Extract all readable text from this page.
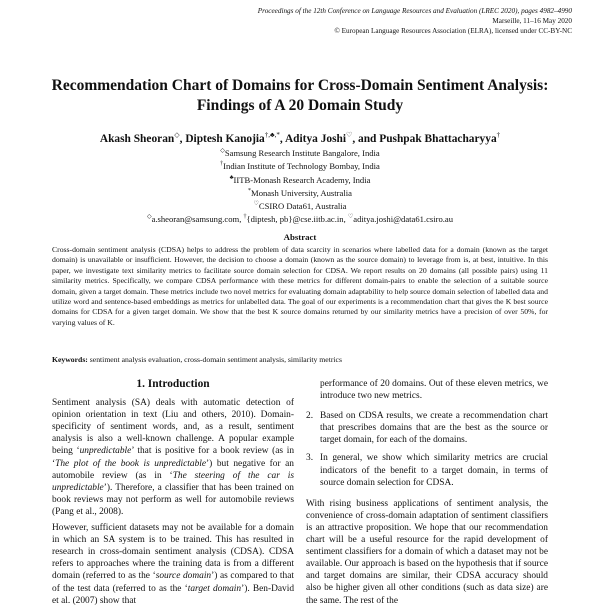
Proceedings of the 12th Conference on Language Resources and Evaluation (LREC 2020), pages 4982–4990
Marseille, 11–16 May 2020
© European Language Resources Association (ELRA), licensed under CC-BY-NC
Recommendation Chart of Domains for Cross-Domain Sentiment Analysis:
Findings of A 20 Domain Study
Akash Sheoran◇, Diptesh Kanojia†,♣,*, Aditya Joshi♡, and Pushpak Bhattacharyya†
◇Samsung Research Institute Bangalore, India
†Indian Institute of Technology Bombay, India
♣IITB-Monash Research Academy, India
*Monash University, Australia
♡CSIRO Data61, Australia
◇a.sheoran@samsung.com, †{diptesh, pb}@cse.iitb.ac.in, ♡aditya.joshi@data61.csiro.au
Abstract

Cross-domain sentiment analysis (CDSA) helps to address the problem of data scarcity in scenarios where labelled data for a domain (known as the target domain) is unavailable or insufficient. However, the decision to choose a domain (known as the source domain) to leverage from is, at best, intuitive. In this paper, we investigate text similarity metrics to facilitate source domain selection for CDSA. We report results on 20 domains (all possible pairs) using 11 similarity metrics. Specifically, we compare CDSA performance with these metrics for different domain-pairs to enable the selection of a suitable source domain, given a target domain. These metrics include two novel metrics for evaluating domain adaptability to help source domain selection of labelled data and utilize word and sentence-based embeddings as metrics for unlabelled data. The goal of our experiments is a recommendation chart that gives the K best source domains for CDSA for a given target domain. We show that the best K source domains returned by our similarity metrics have a precision of over 50%, for varying values of K.

Keywords: sentiment analysis evaluation, cross-domain sentiment analysis, similarity metrics
1. Introduction

Sentiment analysis (SA) deals with automatic detection of opinion orientation in text (Liu and others, 2010). Domain-specificity of sentiment words, and, as a result, sentiment analysis is also a well-known challenge. A popular example being ‘unpredictable’ that is positive for a book review (as in ‘The plot of the book is unpredictable’) but negative for an automobile review (as in ‘The steering of the car is unpredictable’). Therefore, a classifier that has been trained on book reviews may not perform as well for automobile reviews (Pang et al., 2008).

However, sufficient datasets may not be available for a domain in which an SA system is to be trained. This has resulted in research in cross-domain sentiment analysis (CDSA). CDSA refers to approaches where the training data is from a different domain (referred to as the ‘source domain’) as compared to that of the test data (referred to as the ‘target domain’). Ben-David et al. (2007) show that

performance of 20 domains. Out of these eleven metrics, we introduce two new metrics.

2. Based on CDSA results, we create a recommendation chart that prescribes domains that are the best as the source or target domain, for each of the domains.
3. In general, we show which similarity metrics are crucial indicators of the benefit to a target domain, in terms of source domain selection for CDSA.

With rising business applications of sentiment analysis, the convenience of cross-domain adaptation of sentiment classifiers is an attractive proposition. We hope that our recommendation chart will be a useful resource for the rapid development of sentiment classifiers for a domain of which a dataset may not be available. Our approach is based on the hypothesis that if source and target domains are similar, their CDSA accuracy should also be higher given all other conditions (such as data size) are the same. The rest of the
